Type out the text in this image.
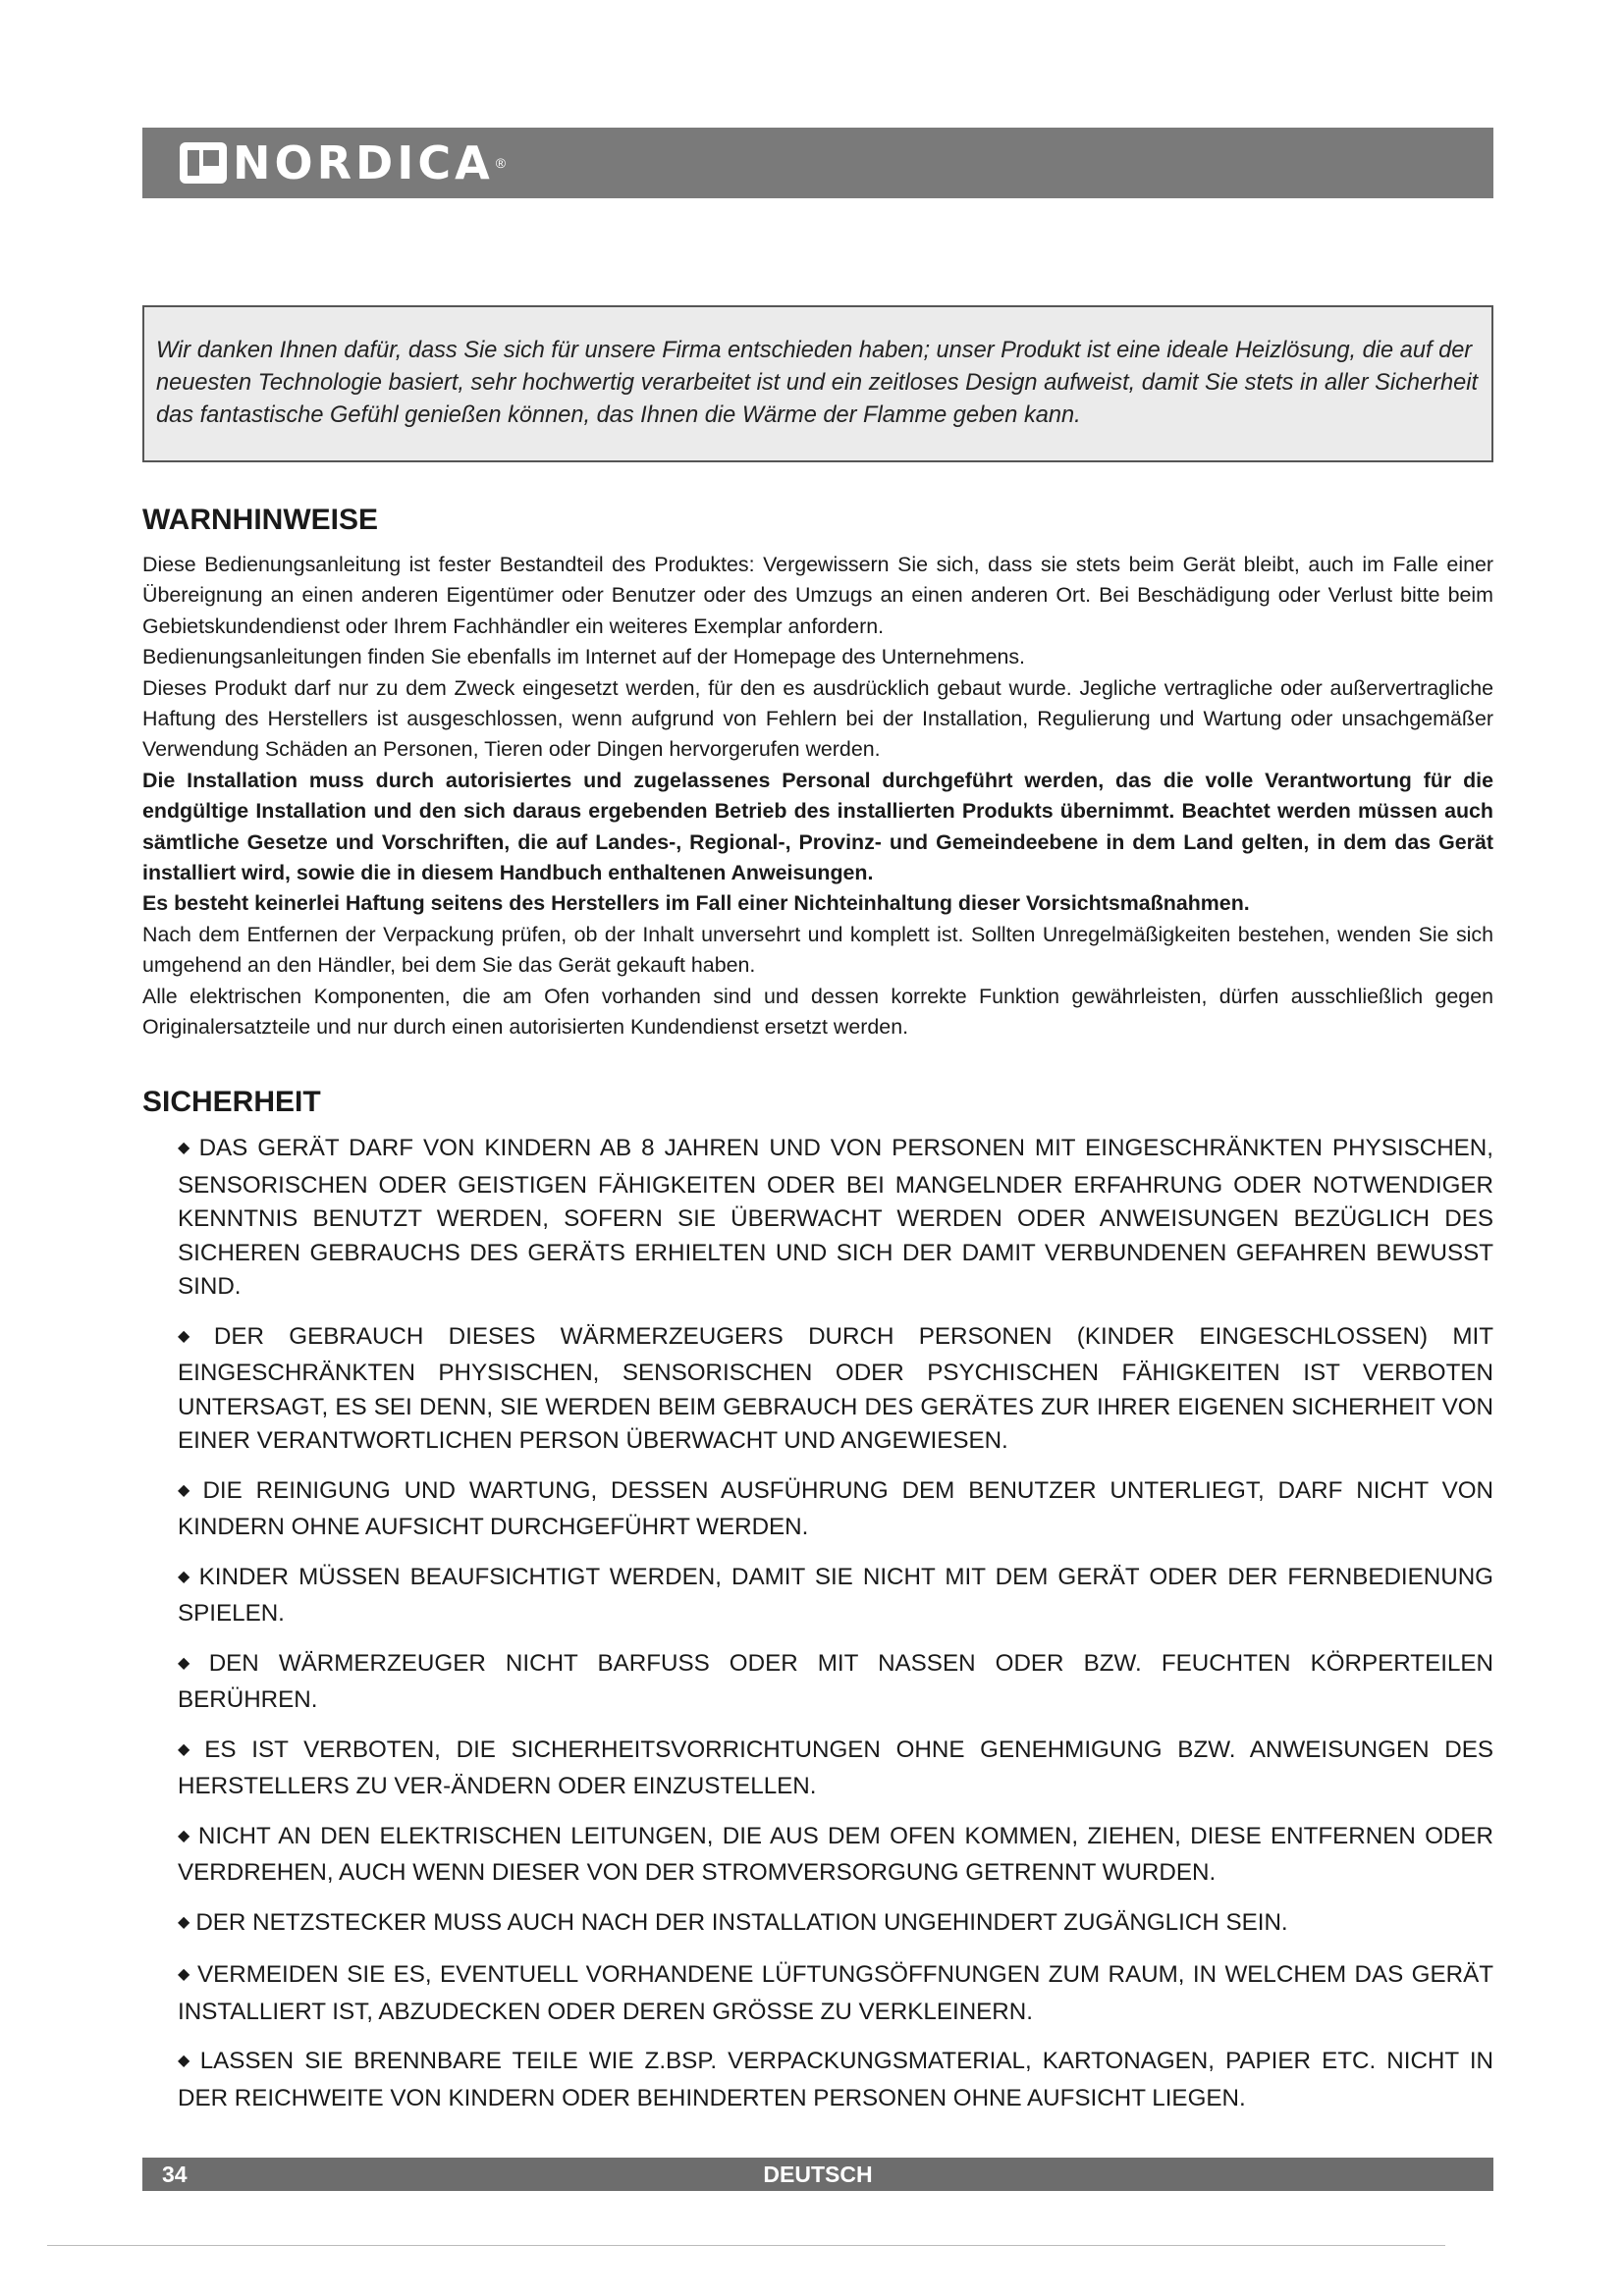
NORDICA ®

Wir danken Ihnen dafür, dass Sie sich für unsere Firma entschieden haben; unser Produkt ist eine ideale Heizlösung, die auf der neuesten Technologie basiert, sehr hochwertig verarbeitet ist und ein zeitloses Design aufweist, damit Sie stets in aller Sicherheit das fantastische Gefühl genießen können, das Ihnen die Wärme der Flamme geben kann.

WARNHINWEISE

Diese Bedienungsanleitung ist fester Bestandteil des Produktes: Vergewissern Sie sich, dass sie stets beim Gerät bleibt, auch im Falle einer Übereignung an einen anderen Eigentümer oder Benutzer oder des Umzugs an einen anderen Ort. Bei Beschädigung oder Verlust bitte beim Gebietskundendienst oder Ihrem Fachhändler ein weiteres Exemplar anfordern.

Bedienungsanleitungen finden Sie ebenfalls im Internet auf der Homepage des Unternehmens.

Dieses Produkt darf nur zu dem Zweck eingesetzt werden, für den es ausdrücklich gebaut wurde. Jegliche vertragliche oder außervertragliche Haftung des Herstellers ist ausgeschlossen, wenn aufgrund von Fehlern bei der Installation, Regulierung und Wartung oder unsachgemäßer Verwendung Schäden an Personen, Tieren oder Dingen hervorgerufen werden.

Die Installation muss durch autorisiertes und zugelassenes Personal durchgeführt werden, das die volle Verantwortung für die endgültige Installation und den sich daraus ergebenden Betrieb des installierten Produkts übernimmt. Beachtet werden müssen auch sämtliche Gesetze und Vorschriften, die auf Landes-, Regional-, Provinz- und Gemeindeebene in dem Land gelten, in dem das Gerät installiert wird, sowie die in diesem Handbuch enthaltenen Anweisungen.

Es besteht keinerlei Haftung seitens des Herstellers im Fall einer Nichteinhaltung dieser Vorsichtsmaßnahmen.

Nach dem Entfernen der Verpackung prüfen, ob der Inhalt unversehrt und komplett ist. Sollten Unregelmäßigkeiten bestehen, wenden Sie sich umgehend an den Händler, bei dem Sie das Gerät gekauft haben.

Alle elektrischen Komponenten, die am Ofen vorhanden sind und dessen korrekte Funktion gewährleisten, dürfen ausschließlich gegen Originalersatzteile und nur durch einen autorisierten Kundendienst ersetzt werden.

SICHERHEIT
◆ DAS GERÄT DARF VON KINDERN AB 8 JAHREN UND VON PERSONEN MIT EINGESCHRÄNKTEN PHYSISCHEN, SENSORISCHEN ODER GEISTIGEN FÄHIGKEITEN ODER BEI MANGELNDER ERFAHRUNG ODER NOTWENDIGER KENNTNIS BENUTZT WERDEN, SOFERN SIE ÜBERWACHT WERDEN ODER ANWEISUNGEN BEZÜGLICH DES SICHEREN GEBRAUCHS DES GERÄTS ERHIELTEN UND SICH DER DAMIT VERBUNDENEN GEFAHREN BEWUSST SIND.
◆ DER GEBRAUCH DIESES WÄRMERZEUGERS DURCH PERSONEN (KINDER EINGESCHLOSSEN) MIT EINGESCHRÄNKTEN PHYSISCHEN, SENSORISCHEN ODER PSYCHISCHEN FÄHIGKEITEN IST VERBOTEN UNTERSAGT, ES SEI DENN, SIE WERDEN BEIM GEBRAUCH DES GERÄTES ZUR IHRER EIGENEN SICHERHEIT VON EINER VERANTWORTLICHEN PERSON ÜBERWACHT UND ANGEWIESEN.
◆ DIE REINIGUNG UND WARTUNG, DESSEN AUSFÜHRUNG DEM BENUTZER UNTERLIEGT, DARF NICHT VON KINDERN OHNE AUFSICHT DURCHGEFÜHRT WERDEN.
◆ KINDER MÜSSEN BEAUFSICHTIGT WERDEN, DAMIT SIE NICHT MIT DEM GERÄT ODER DER FERNBEDIENUNG SPIELEN.
◆ DEN WÄRMERZEUGER NICHT BARFUSS ODER MIT NASSEN ODER BZW. FEUCHTEN KÖRPERTEILEN BERÜHREN.
◆ ES IST VERBOTEN, DIE SICHERHEITSVORRICHTUNGEN OHNE GENEHMIGUNG BZW. ANWEISUNGEN DES HERSTELLERS ZU VER-ÄNDERN ODER EINZUSTELLEN.
◆ NICHT AN DEN ELEKTRISCHEN LEITUNGEN, DIE AUS DEM OFEN KOMMEN, ZIEHEN, DIESE ENTFERNEN ODER VERDREHEN, AUCH WENN DIESER VON DER STROMVERSORGUNG GETRENNT WURDEN.
◆ DER NETZSTECKER MUSS AUCH NACH DER INSTALLATION UNGEHINDERT ZUGÄNGLICH SEIN.
◆ VERMEIDEN SIE ES, EVENTUELL VORHANDENE LÜFTUNGSÖFFNUNGEN ZUM RAUM, IN WELCHEM DAS GERÄT INSTALLIERT IST, ABZUDECKEN ODER DEREN GRÖSSE ZU VERKLEINERN.
◆ LASSEN SIE BRENNBARE TEILE WIE Z.BSP. VERPACKUNGSMATERIAL, KARTONAGEN, PAPIER ETC. NICHT IN DER REICHWEITE VON KINDERN ODER BEHINDERTEN PERSONEN OHNE AUFSICHT LIEGEN.
34	DEUTSCH
